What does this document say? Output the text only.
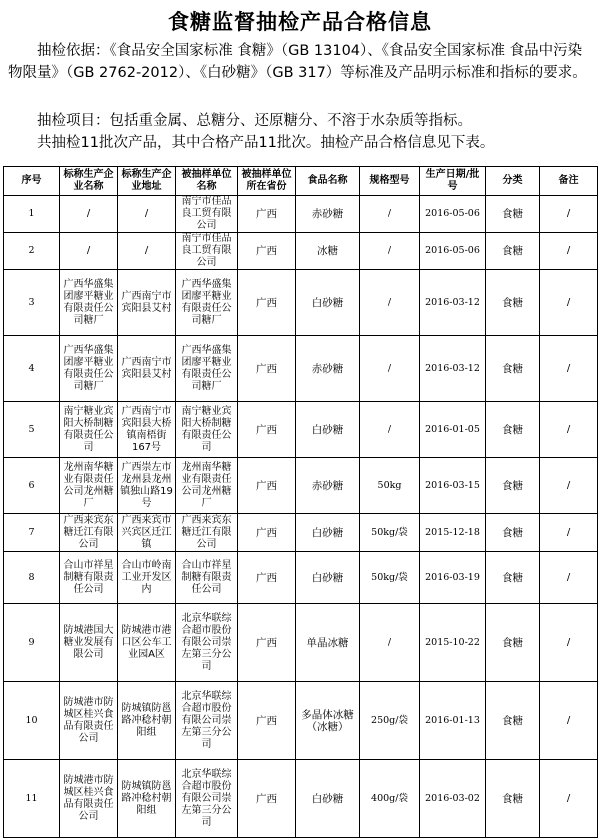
食糖监督抽检产品合格信息
抽检依据：《食品安全国家标准 食糖》（GB 13104）、《食品安全国家标准 食品中污染物限量》（GB 2762-2012）、《白砂糖》（GB 317）等标准及产品明示标准和指标的要求。
抽检项目：包括重金属、总糖分、还原糖分、不溶于水杂质等指标。
共抽检11批次产品，其中合格产品11批次。抽检产品合格信息见下表。
序号	标称生产企业名称	标称生产企业地址	被抽样单位名称	被抽样单位所在省份	食品名称	规格型号	生产日期/批号	分类	备注
1	/	/	南宁市佳品良工贸有限公司	广西	赤砂糖	/	2016-05-06	食糖	/
2	/	/	南宁市佳品良工贸有限公司	广西	冰糖	/	2016-05-06	食糖	/
3	广西华盛集团廖平糖业有限责任公司糖厂	广西南宁市宾阳县艾村	广西华盛集团廖平糖业有限责任公司糖厂	广西	白砂糖	/	2016-03-12	食糖	/
4	广西华盛集团廖平糖业有限责任公司糖厂	广西南宁市宾阳县艾村	广西华盛集团廖平糖业有限责任公司糖厂	广西	赤砂糖	/	2016-03-12	食糖	/
5	南宁糖业宾阳大桥制糖有限责任公司	广西南宁市宾阳县大桥镇南梧街167号	南宁糖业宾阳大桥制糖有限责任公司	广西	白砂糖	/	2016-01-05	食糖	/
6	龙州南华糖业有限责任公司龙州糖厂	广西崇左市龙州县龙州镇独山路19号	龙州南华糖业有限责任公司龙州糖厂	广西	赤砂糖	50kg	2016-03-15	食糖	/
7	广西来宾东糖迁江有限公司	广西来宾市兴宾区迁江镇	广西来宾东糖迁江有限公司	广西	白砂糖	50kg/袋	2015-12-18	食糖	/
8	合山市祥星制糖有限责任公司	合山市岭南工业开发区内	合山市祥星制糖有限责任公司	广西	白砂糖	50kg/袋	2016-03-19	食糖	/
9	防城港国大糖业发展有限公司	防城港市港口区公车工业园A区	北京华联综合超市股份有限公司崇左第三分公司	广西	单晶冰糖	/	2015-10-22	食糖	/
10	防城港市防城区桂兴食品有限责任公司	防城镇防邕路冲稔村朝阳组	北京华联综合超市股份有限公司崇左第三分公司	广西	多晶体冰糖（冰糖）	250g/袋	2016-01-13	食糖	/
11	防城港市防城区桂兴食品有限责任公司	防城镇防邕路冲稔村朝阳组	北京华联综合超市股份有限公司崇左第三分公司	广西	白砂糖	400g/袋	2016-03-02	食糖	/
